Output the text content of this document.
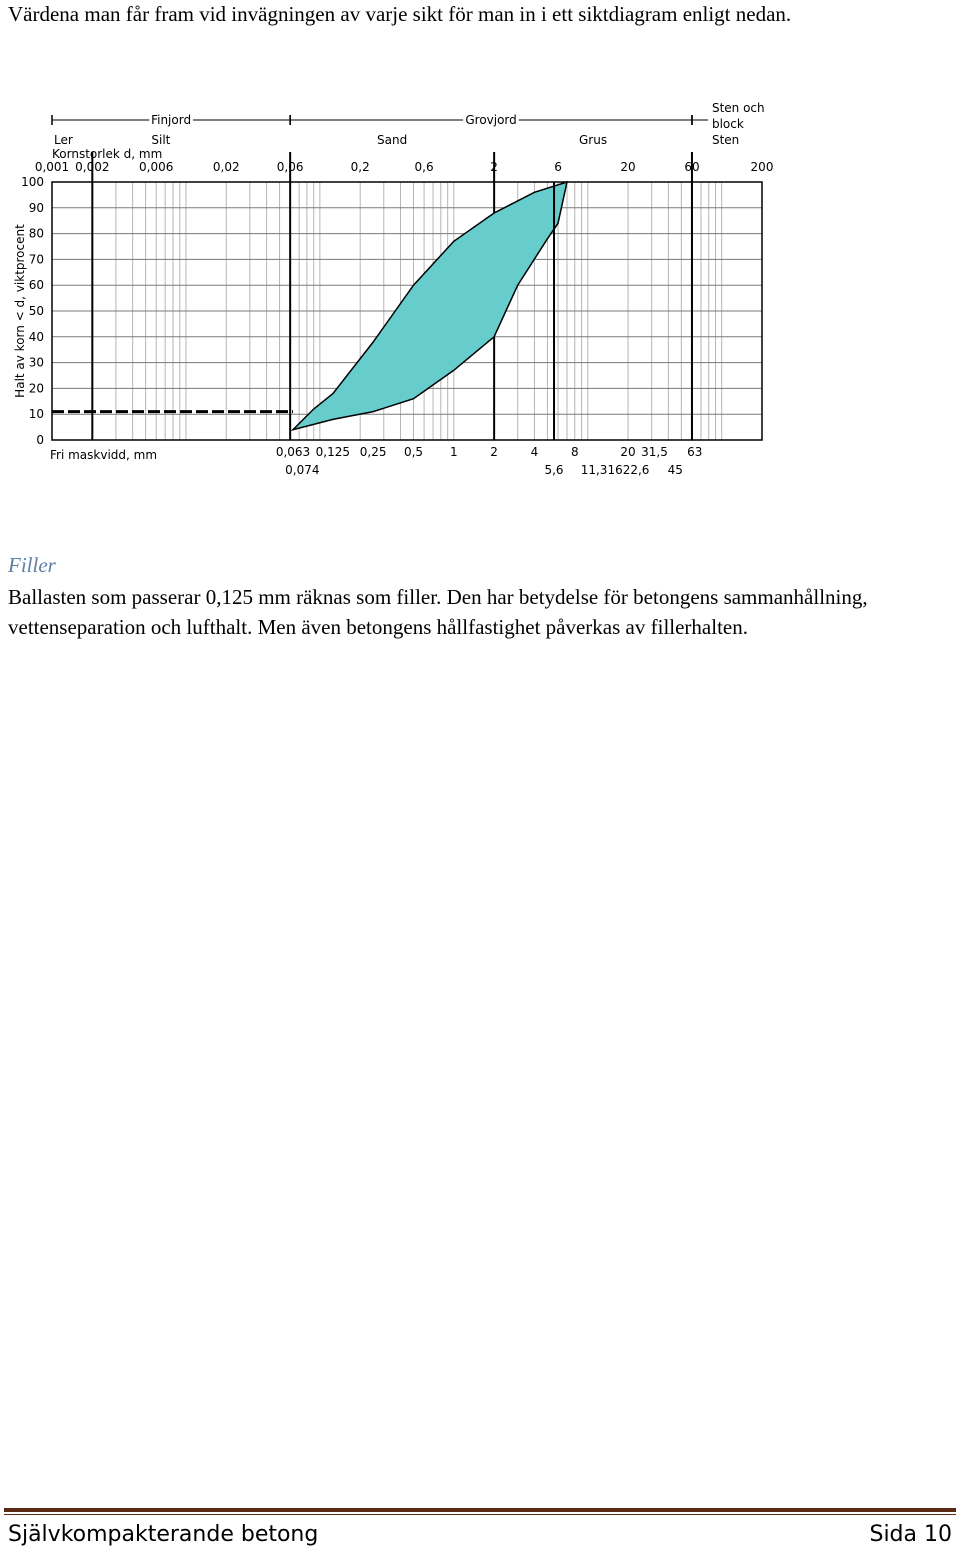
Värdena man får fram vid invägningen av varje sikt för man in i ett siktdiagram enligt nedan.

0
10
20
30
40
50
60
70
80
90
100
0,001 0,002 0,006	0,02	0,06	0,2	0,6	2	6	20	60	200
Kornstorlek d, mm
Finjord	Grovjord
Sten och
block
Ler	Silt	Sand	Grus	Sten
0,063 0,125 0,25 0,5 1	2	4	8	20 31,5 63
0,074	5,6 11,31622,6 45
Fri maskvidd, mm
Halt av korn < d, viktprocent
Filler

Ballasten som passerar 0,125 mm räknas som filler. Den har betydelse för betongens sammanhållning, vettenseparation och lufthalt. Men även betongens hållfastighet påverkas av fillerhalten.

Självkompakterande betong	Sida 10
